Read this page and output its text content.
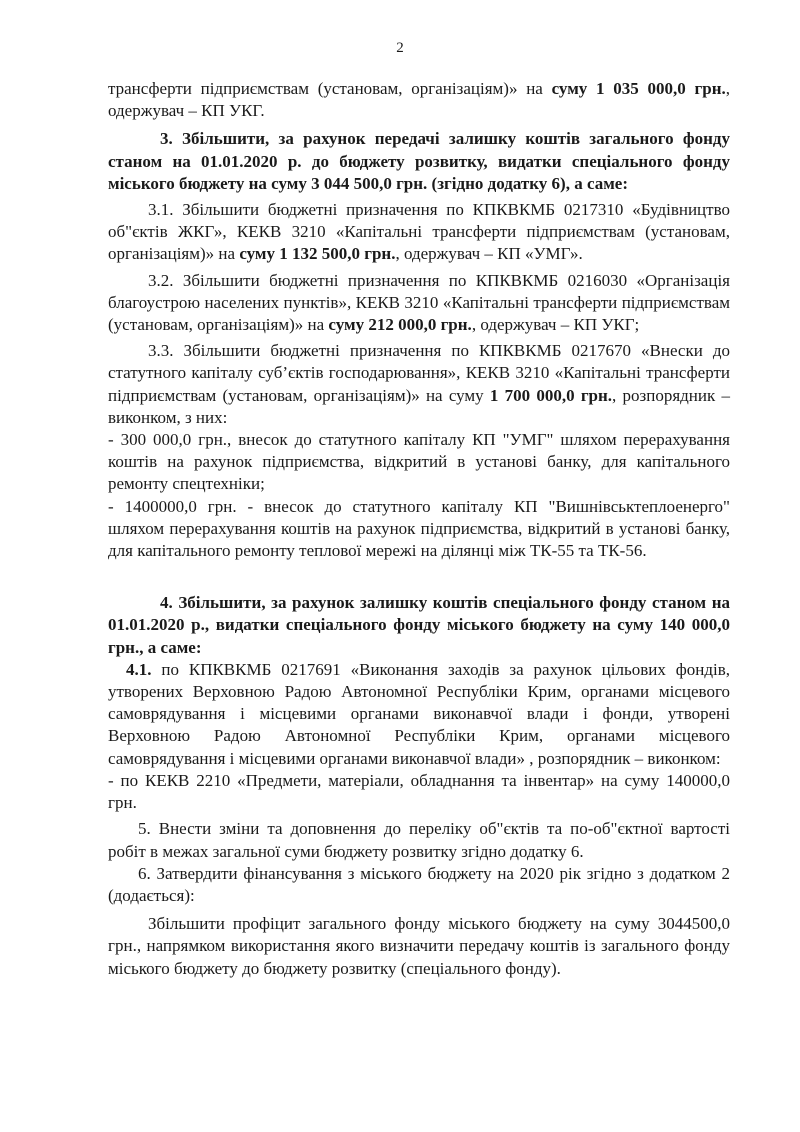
2

трансферти підприємствам (установам, організаціям)» на суму 1 035 000,0 грн., одержувач – КП УКГ.

3. Збільшити, за рахунок передачі залишку коштів загального фонду станом на 01.01.2020 р. до бюджету розвитку, видатки спеціального фонду міського бюджету на суму 3 044 500,0 грн. (згідно додатку 6), а саме:

3.1. Збільшити бюджетні призначення по КПКВКМБ 0217310 «Будівництво об"єктів ЖКГ», КЕКВ 3210 «Капітальні трансферти підприємствам (установам, організаціям)» на суму 1 132 500,0 грн., одержувач – КП «УМГ».

3.2. Збільшити бюджетні призначення по КПКВКМБ 0216030 «Організація благоустрою населених пунктів», КЕКВ 3210 «Капітальні трансферти підприємствам (установам, організаціям)» на суму 212 000,0 грн., одержувач – КП УКГ;

3.3. Збільшити бюджетні призначення по КПКВКМБ 0217670 «Внески до статутного капіталу суб’єктів господарювання», КЕКВ 3210 «Капітальні трансферти підприємствам (установам, організаціям)» на суму 1 700 000,0 грн., розпорядник – виконком, з них:

- 300 000,0 грн., внесок до статутного капіталу КП "УМГ" шляхом перерахування коштів на рахунок підприємства, відкритий в установі банку, для капітального ремонту спецтехніки;

- 1400000,0 грн. - внесок до статутного капіталу КП "Вишнівськтеплоенерго" шляхом перерахування коштів на рахунок підприємства, відкритий в установі банку, для капітального ремонту теплової мережі на ділянці між ТК-55 та ТК-56.

4. Збільшити, за рахунок залишку коштів спеціального фонду станом на 01.01.2020 р., видатки спеціального фонду міського бюджету на суму 140 000,0 грн., а саме:

4.1. по КПКВКМБ 0217691 «Виконання заходів за рахунок цільових фондів, утворених Верховною Радою Автономної Республіки Крим, органами місцевого самоврядування і місцевими органами виконавчої влади і фонди, утворені Верховною Радою Автономної Республіки Крим, органами місцевого самоврядування і місцевими органами виконавчої влади» , розпорядник – виконком:

- по КЕКВ 2210 «Предмети, матеріали, обладнання та інвентар» на суму 140000,0 грн.

5. Внести зміни та доповнення до переліку об"єктів та по-об"єктної вартості робіт в межах загальної суми бюджету розвитку згідно додатку 6.

6. Затвердити фінансування з міського бюджету на 2020 рік згідно з додатком 2 (додається):

Збільшити профіцит загального фонду міського бюджету на суму 3044500,0 грн., напрямком використання якого визначити передачу коштів із загального фонду міського бюджету до бюджету розвитку (спеціального фонду).
